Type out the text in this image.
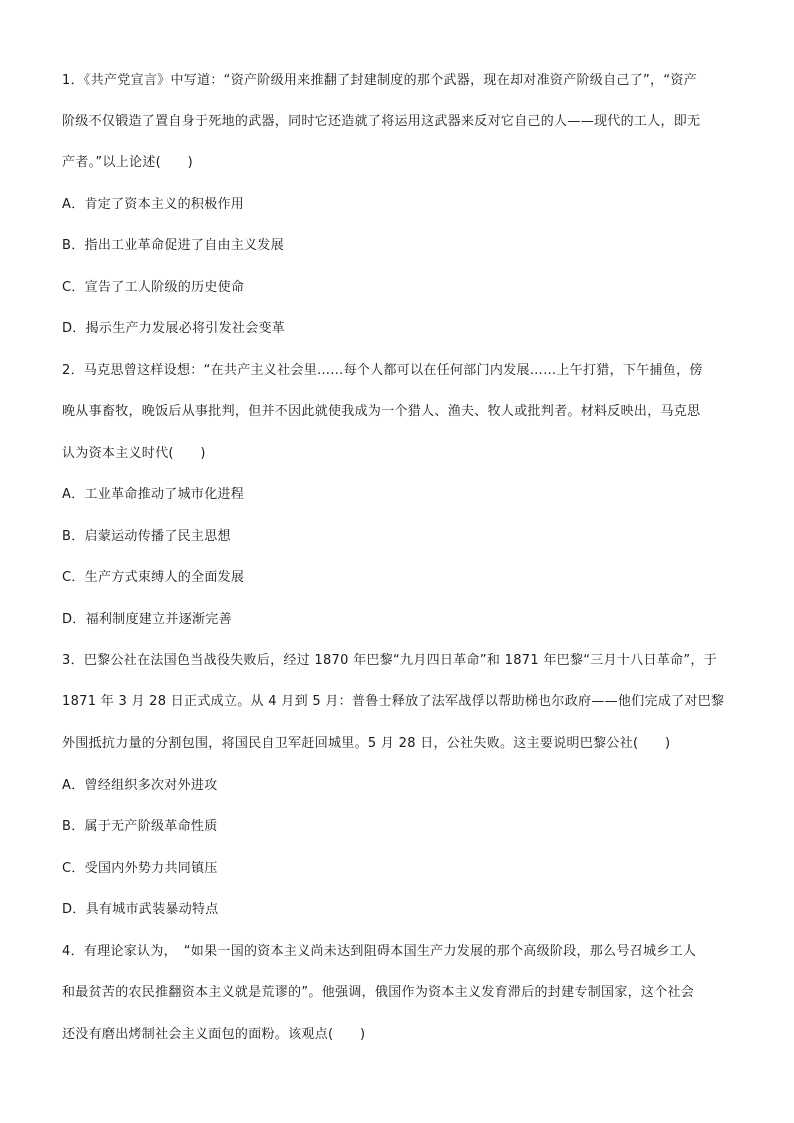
1．《共产党宣言》中写道：“资产阶级用来推翻了封建制度的那个武器，现在却对准资产阶级自己了”，“资产
阶级不仅锻造了置自身于死地的武器，同时它还造就了将运用这武器来反对它自己的人——现代的工人，即无
产者。”以上论述(　　)
A．肯定了资本主义的积极作用
B．指出工业革命促进了自由主义发展
C．宣告了工人阶级的历史使命
D．揭示生产力发展必将引发社会变革
2．马克思曾这样设想：“在共产主义社会里……每个人都可以在任何部门内发展……上午打猎，下午捕鱼，傍
晚从事畜牧，晚饭后从事批判，但并不因此就使我成为一个猎人、渔夫、牧人或批判者。材料反映出，马克思
认为资本主义时代(　　)
A．工业革命推动了城市化进程
B．启蒙运动传播了民主思想
C．生产方式束缚人的全面发展
D．福利制度建立并逐渐完善
3．巴黎公社在法国色当战役失败后，经过 1870 年巴黎“九月四日革命”和 1871 年巴黎“三月十八日革命”，于
1871 年 3 月 28 日正式成立。从 4 月到 5 月：普鲁士释放了法军战俘以帮助梯也尔政府——他们完成了对巴黎
外围抵抗力量的分割包围，将国民自卫军赶回城里。5 月 28 日，公社失败。这主要说明巴黎公社(　　)
A．曾经组织多次对外进攻
B．属于无产阶级革命性质
C．受国内外势力共同镇压
D．具有城市武装暴动特点
4．有理论家认为，　“如果一国的资本主义尚未达到阻碍本国生产力发展的那个高级阶段，那么号召城乡工人
和最贫苦的农民推翻资本主义就是荒谬的”。他强调，俄国作为资本主义发育滞后的封建专制国家，这个社会
还没有磨出烤制社会主义面包的面粉。该观点(　　)
